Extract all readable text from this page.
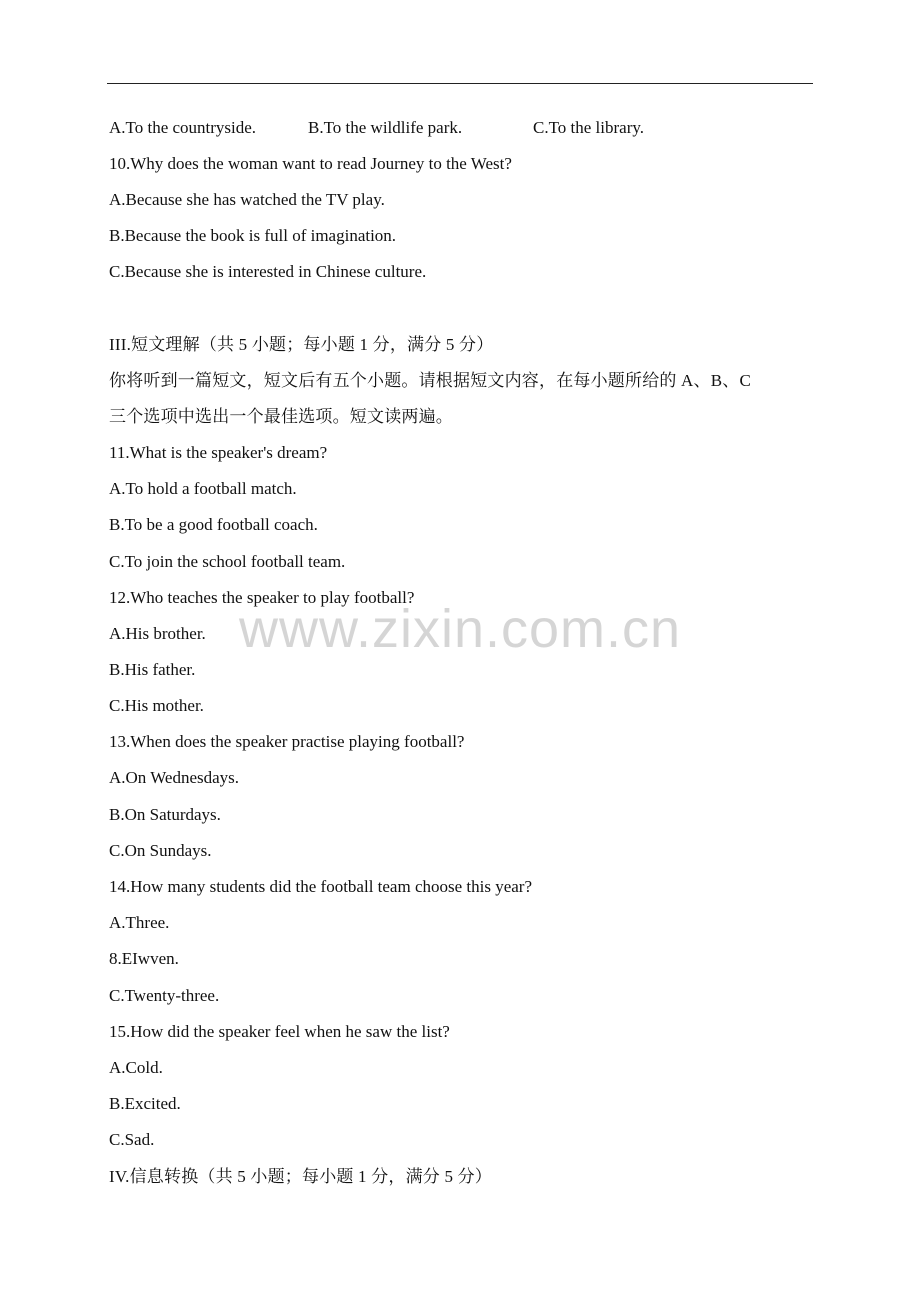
www.zixin.com.cn
A.To the countryside.	B.To the wildlife park.	C.To the library.
10.Why does the woman want to read Journey to the West?
A.Because she has watched the TV play.
B.Because the book is full of imagination.
C.Because she is interested in Chinese culture.
III.短文理解（共 5 小题；每小题 1 分，满分 5 分）
你将听到一篇短文，短文后有五个小题。请根据短文内容，在每小题所给的 A、B、C
三个选项中选出一个最佳选项。短文读两遍。
11.What is the speaker's dream?
A.To hold a football match.
B.To be a good football coach.
C.To join the school football team.
12.Who teaches the speaker to play football?
A.His brother.
B.His father.
C.His mother.
13.When does the speaker practise playing football?
A.On Wednesdays.
B.On Saturdays.
C.On Sundays.
14.How many students did the football team choose this year?
A.Three.
8.EIwven.
C.Twenty-three.
15.How did the speaker feel when he saw the list?
A.Cold.
B.Excited.
C.Sad.
IV.信息转换（共 5 小题；每小题 1 分，满分 5 分）
